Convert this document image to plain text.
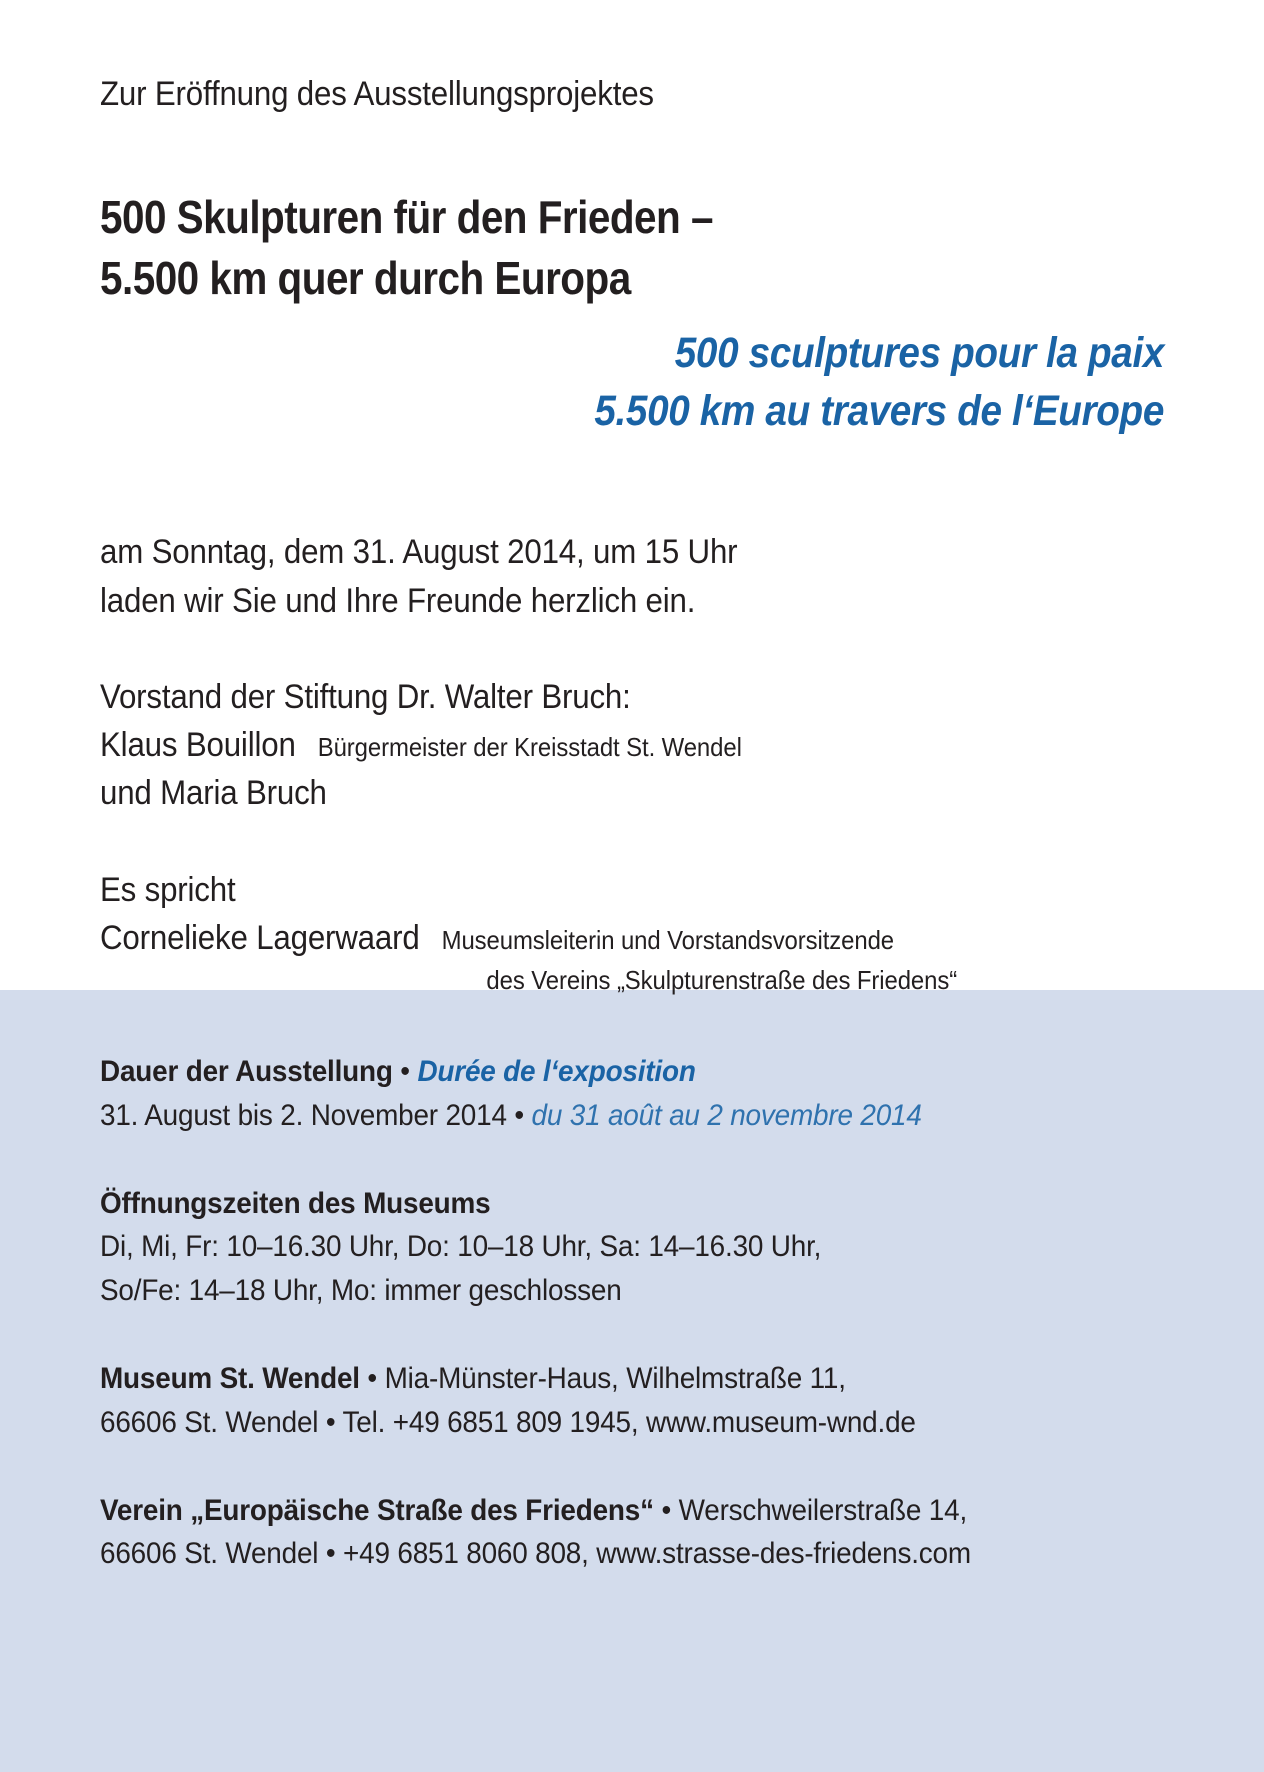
Zur Eröffnung des Ausstellungsprojektes
500 Skulpturen für den Frieden –
5.500 km quer durch Europa
500 sculptures pour la paix
5.500 km au travers de l‘Europe
am Sonntag, dem 31. August 2014, um 15 Uhr
laden wir Sie und Ihre Freunde herzlich ein.
Vorstand der Stiftung Dr. Walter Bruch:
Klaus Bouillon Bürgermeister der Kreisstadt St. Wendel
und Maria Bruch
Es spricht
Cornelieke Lagerwaard Museumsleiterin und Vorstandsvorsitzende
des Vereins „Skulpturenstraße des Friedens“
Dauer der Ausstellung • Durée de l‘exposition
31. August bis 2. November 2014 • du 31 août au 2 novembre 2014
Öffnungszeiten des Museums
Di, Mi, Fr: 10–16.30 Uhr, Do: 10–18 Uhr, Sa: 14–16.30 Uhr,
So/Fe: 14–18 Uhr, Mo: immer geschlossen
Museum St. Wendel • Mia-Münster-Haus, Wilhelmstraße 11,
66606 St. Wendel • Tel. +49 6851 809 1945, www.museum-wnd.de
Verein „Europäische Straße des Friedens“ • Werschweilerstraße 14,
66606 St. Wendel • +49 6851 8060 808, www.strasse-des-friedens.com
